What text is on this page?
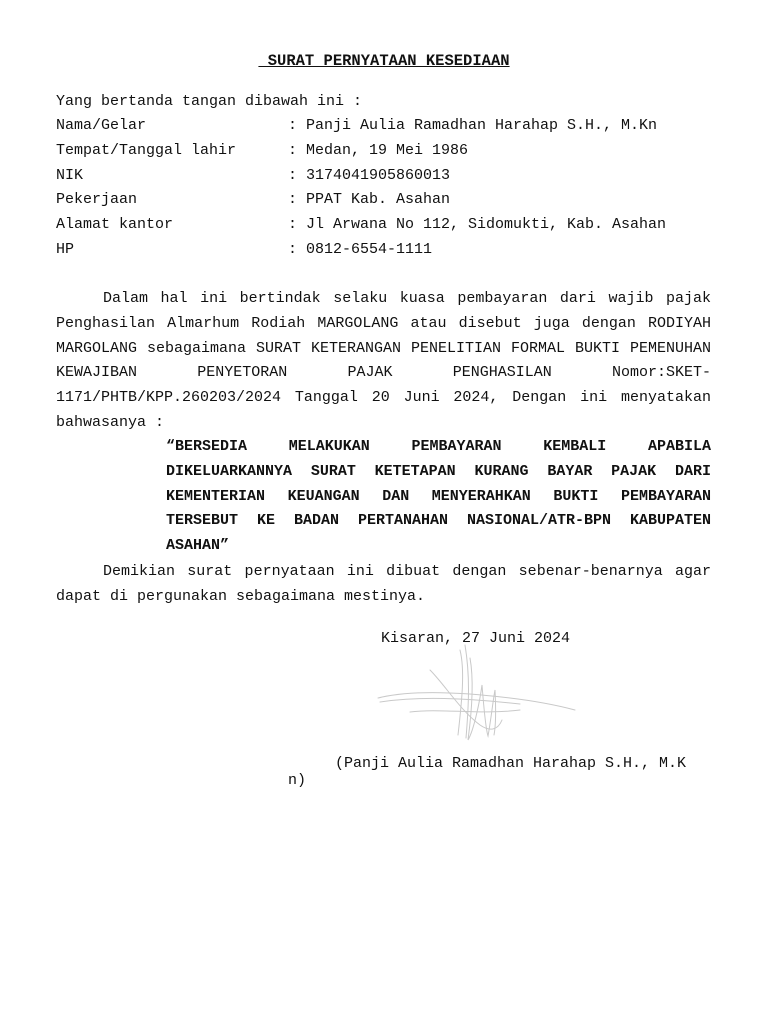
SURAT PERNYATAAN KESEDIAAN
Yang bertanda tangan dibawah ini :
Nama/Gelar	: Panji Aulia Ramadhan Harahap S.H., M.Kn
Tempat/Tanggal lahir	: Medan, 19 Mei 1986
NIK	: 3174041905860013
Pekerjaan	: PPAT Kab. Asahan
Alamat kantor	: Jl Arwana No 112, Sidomukti, Kab. Asahan
HP	: 0812-6554-1111
Dalam hal ini bertindak selaku kuasa pembayaran dari wajib pajak Penghasilan Almarhum Rodiah MARGOLANG atau disebut juga dengan RODIYAH MARGOLANG sebagaimana SURAT KETERANGAN PENELITIAN FORMAL BUKTI PEMENUHAN KEWAJIBAN PENYETORAN PAJAK PENGHASILAN Nomor:SKET-1171/PHTB/KPP.260203/2024 Tanggal 20 Juni 2024, Dengan ini menyatakan bahwasanya :
“BERSEDIA MELAKUKAN PEMBAYARAN KEMBALI APABILA DIKELUARKANNYA SURAT KETETAPAN KURANG BAYAR PAJAK DARI KEMENTERIAN KEUANGAN DAN MENYERAHKAN BUKTI PEMBAYARAN TERSEBUT KE BADAN PERTANAHAN NASIONAL/ATR-BPN KABUPATEN ASAHAN”
Demikian surat pernyataan ini dibuat dengan sebenar-benarnya agar dapat di pergunakan sebagaimana mestinya.
Kisaran, 27 Juni 2024
(Panji Aulia Ramadhan Harahap S.H., M.K
n)
